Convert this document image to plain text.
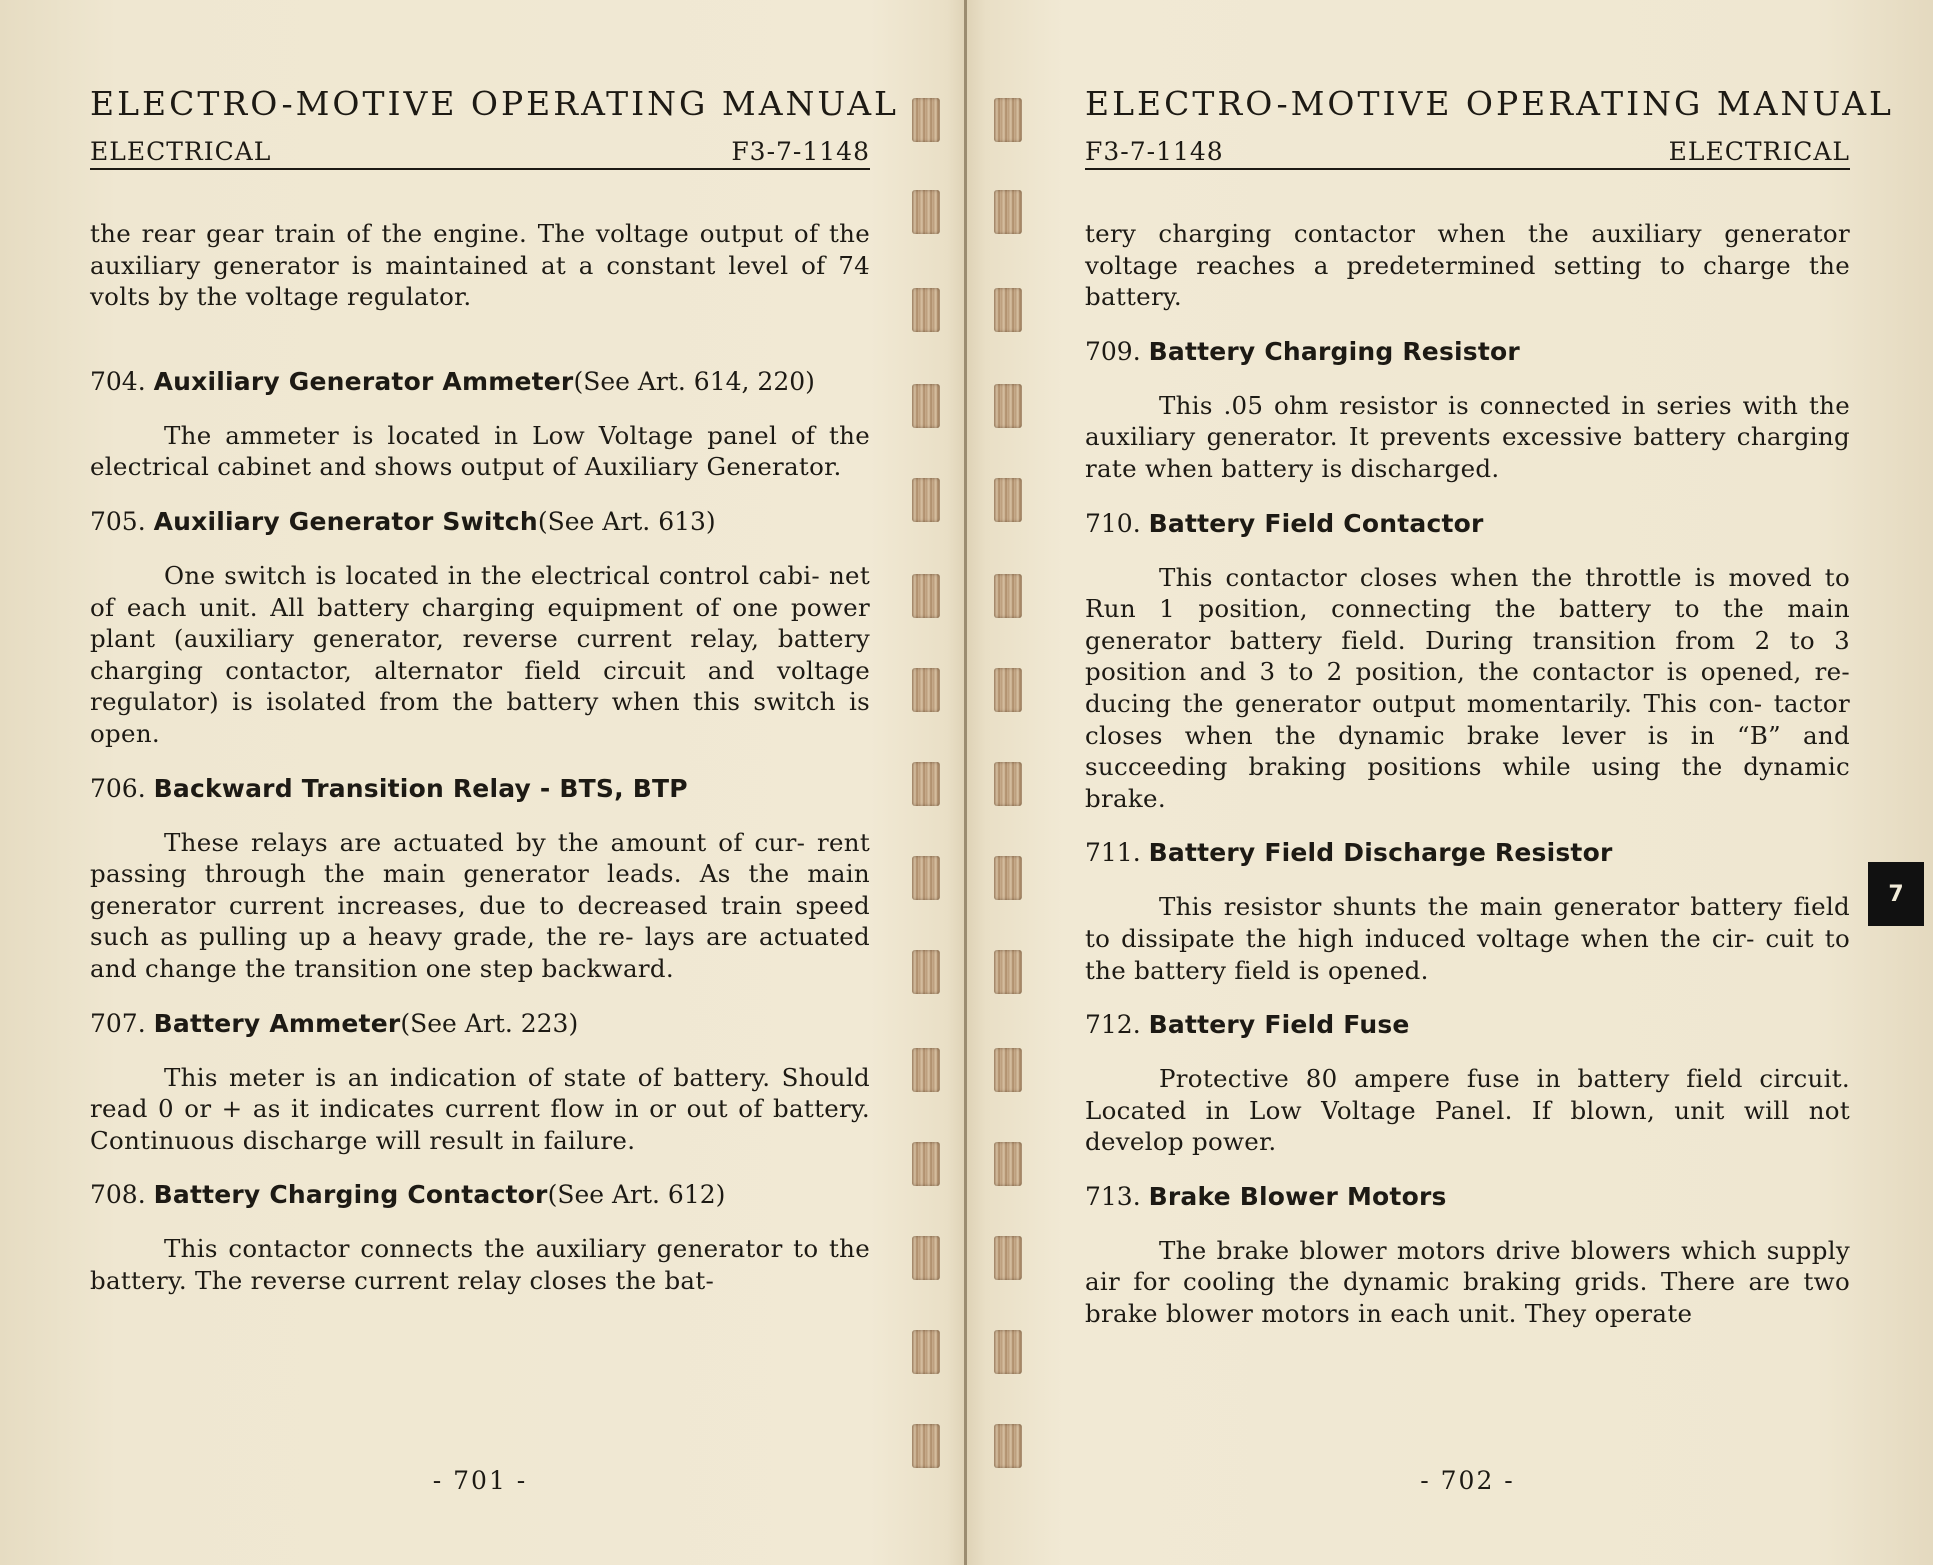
ELECTRO-MOTIVE OPERATING MANUAL
ELECTRICAL	F3-7-1148

the rear gear train of the engine. The voltage output of the auxiliary generator is maintained at a constant level of 74 volts by the voltage regulator.

704. Auxiliary Generator Ammeter(See Art. 614, 220)

The ammeter is located in Low Voltage panel of the electrical cabinet and shows output of Auxiliary Generator.

705. Auxiliary Generator Switch(See Art. 613)

One switch is located in the electrical control cabi- net of each unit. All battery charging equipment of one power plant (auxiliary generator, reverse current relay, battery charging contactor, alternator field circuit and voltage regulator) is isolated from the battery when this switch is open.

706. Backward Transition Relay - BTS, BTP

These relays are actuated by the amount of cur- rent passing through the main generator leads. As the main generator current increases, due to decreased train speed such as pulling up a heavy grade, the re- lays are actuated and change the transition one step backward.

707. Battery Ammeter(See Art. 223)

This meter is an indication of state of battery. Should read 0 or + as it indicates current flow in or out of battery. Continuous discharge will result in failure.

708. Battery Charging Contactor(See Art. 612)

This contactor connects the auxiliary generator to the battery. The reverse current relay closes the bat-

- 701 -
ELECTRO-MOTIVE OPERATING MANUAL
F3-7-1148	ELECTRICAL

tery charging contactor when the auxiliary generator voltage reaches a predetermined setting to charge the battery.

709. Battery Charging Resistor

This .05 ohm resistor is connected in series with the auxiliary generator. It prevents excessive battery charging rate when battery is discharged.

710. Battery Field Contactor

This contactor closes when the throttle is moved to Run 1 position, connecting the battery to the main generator battery field. During transition from 2 to 3 position and 3 to 2 position, the contactor is opened, re- ducing the generator output momentarily. This con- tactor closes when the dynamic brake lever is in “B” and succeeding braking positions while using the dynamic brake.

711. Battery Field Discharge Resistor

This resistor shunts the main generator battery field to dissipate the high induced voltage when the cir- cuit to the battery field is opened.

712. Battery Field Fuse

Protective 80 ampere fuse in battery field circuit. Located in Low Voltage Panel. If blown, unit will not develop power.

713. Brake Blower Motors

The brake blower motors drive blowers which supply air for cooling the dynamic braking grids. There are two brake blower motors in each unit. They operate

- 702 -
7
